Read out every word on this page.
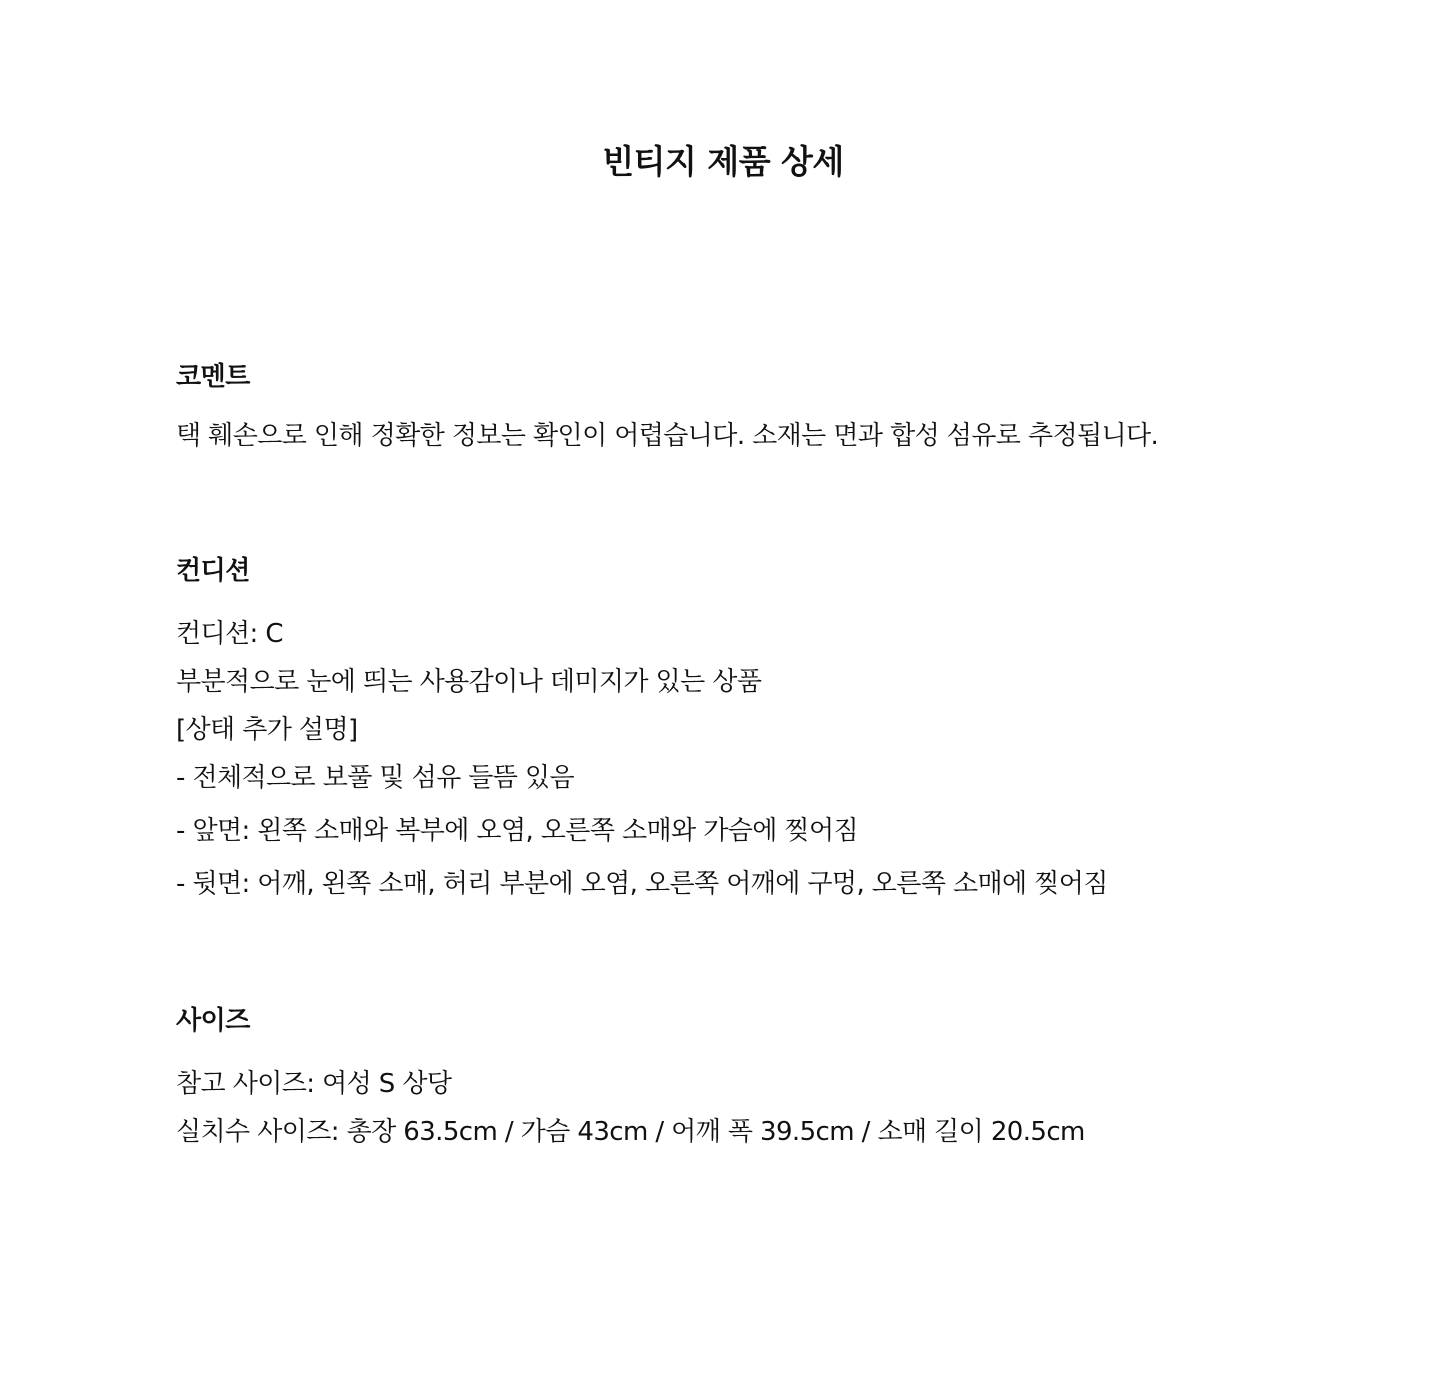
빈티지 제품 상세
코멘트

택 훼손으로 인해 정확한 정보는 확인이 어렵습니다. 소재는 면과 합성 섬유로 추정됩니다.

컨디션
컨디션: C
부분적으로 눈에 띄는 사용감이나 데미지가 있는 상품
[상태 추가 설명]
- 전체적으로 보풀 및 섬유 들뜸 있음
- 앞면: 왼쪽 소매와 복부에 오염, 오른쪽 소매와 가슴에 찢어짐
- 뒷면: 어깨, 왼쪽 소매, 허리 부분에 오염, 오른쪽 어깨에 구멍, 오른쪽 소매에 찢어짐
사이즈
참고 사이즈: 여성 S 상당
실치수 사이즈: 총장 63.5cm / 가슴 43cm / 어깨 폭 39.5cm / 소매 길이 20.5cm
